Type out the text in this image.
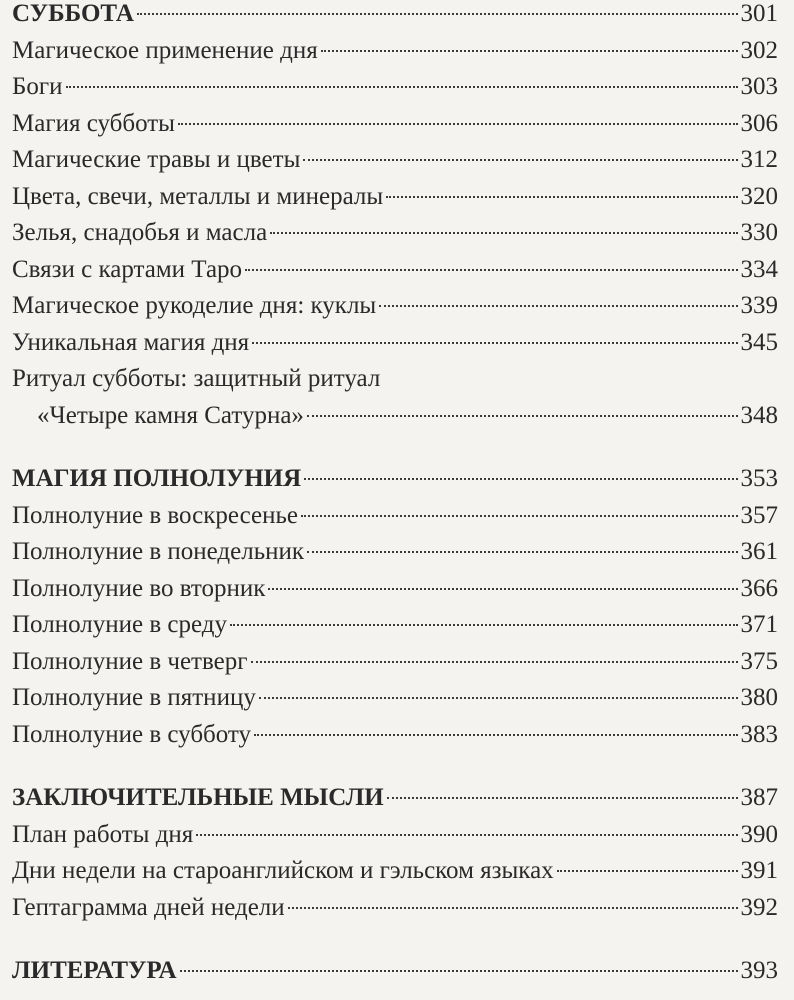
СУББОТА	301
Магическое применение дня	302
Боги	303
Магия субботы	306
Магические травы и цветы	312
Цвета, свечи, металлы и минералы	320
Зелья, снадобья и масла	330
Связи с картами Таро	334
Магическое рукоделие дня: куклы	339
Уникальная магия дня	345
Ритуал субботы: защитный ритуал
«Четыре камня Сатурна»	348
МАГИЯ ПОЛНОЛУНИЯ	353
Полнолуние в воскресенье	357
Полнолуние в понедельник	361
Полнолуние во вторник	366
Полнолуние в среду	371
Полнолуние в четверг	375
Полнолуние в пятницу	380
Полнолуние в субботу	383
ЗАКЛЮЧИТЕЛЬНЫЕ МЫСЛИ	387
План работы дня	390
Дни недели на староанглийском и гэльском языках	391
Гептаграмма дней недели	392
ЛИТЕРАТУРА	393
